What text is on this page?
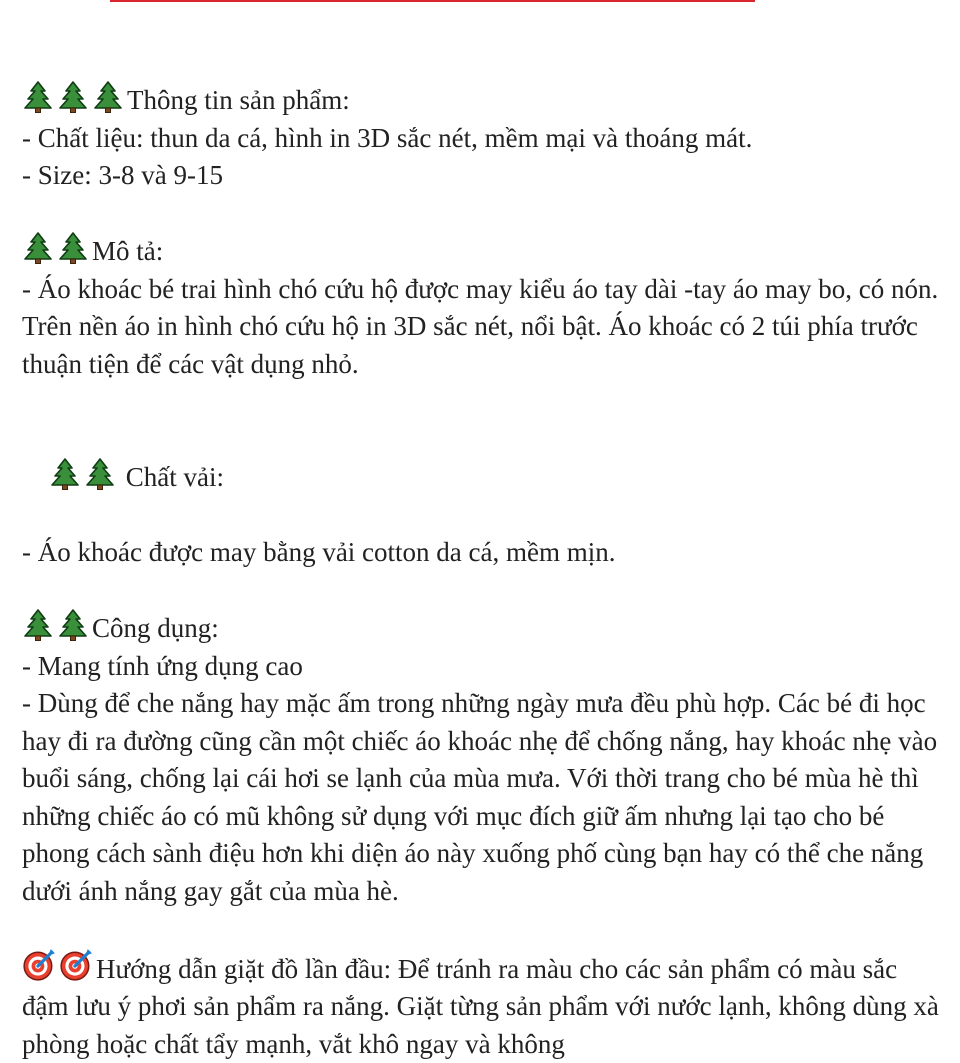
Thông tin sản phẩm:
- Chất liệu: thun da cá, hình in 3D sắc nét, mềm mại và thoáng mát.
- Size: 3-8 và 9-15
Mô tả:
- Áo khoác bé trai hình chó cứu hộ được may kiểu áo tay dài -tay áo may bo, có nón. Trên nền áo in hình chó cứu hộ in 3D sắc nét, nổi bật. Áo khoác có 2 túi phía trước thuận tiện để các vật dụng nhỏ.

Chất vải:

- Áo khoác được may bằng vải cotton da cá, mềm mịn.
Công dụng:
- Mang tính ứng dụng cao
- Dùng để che nắng hay mặc ấm trong những ngày mưa đều phù hợp. Các bé đi học hay đi ra đường cũng cần một chiếc áo khoác nhẹ để chống nắng, hay khoác nhẹ vào buổi sáng, chống lại cái hơi se lạnh của mùa mưa. Với thời trang cho bé mùa hè thì những chiếc áo có mũ không sử dụng với mục đích giữ ấm nhưng lại tạo cho bé phong cách sành điệu hơn khi diện áo này xuống phố cùng bạn hay có thể che nắng dưới ánh nắng gay gắt của mùa hè.
Hướng dẫn giặt đồ lần đầu: Để tránh ra màu cho các sản phẩm có màu sắc đậm lưu ý phơi sản phẩm ra nắng. Giặt từng sản phẩm với nước lạnh, không dùng xà phòng hoặc chất tẩy mạnh, vắt khô ngay và không
